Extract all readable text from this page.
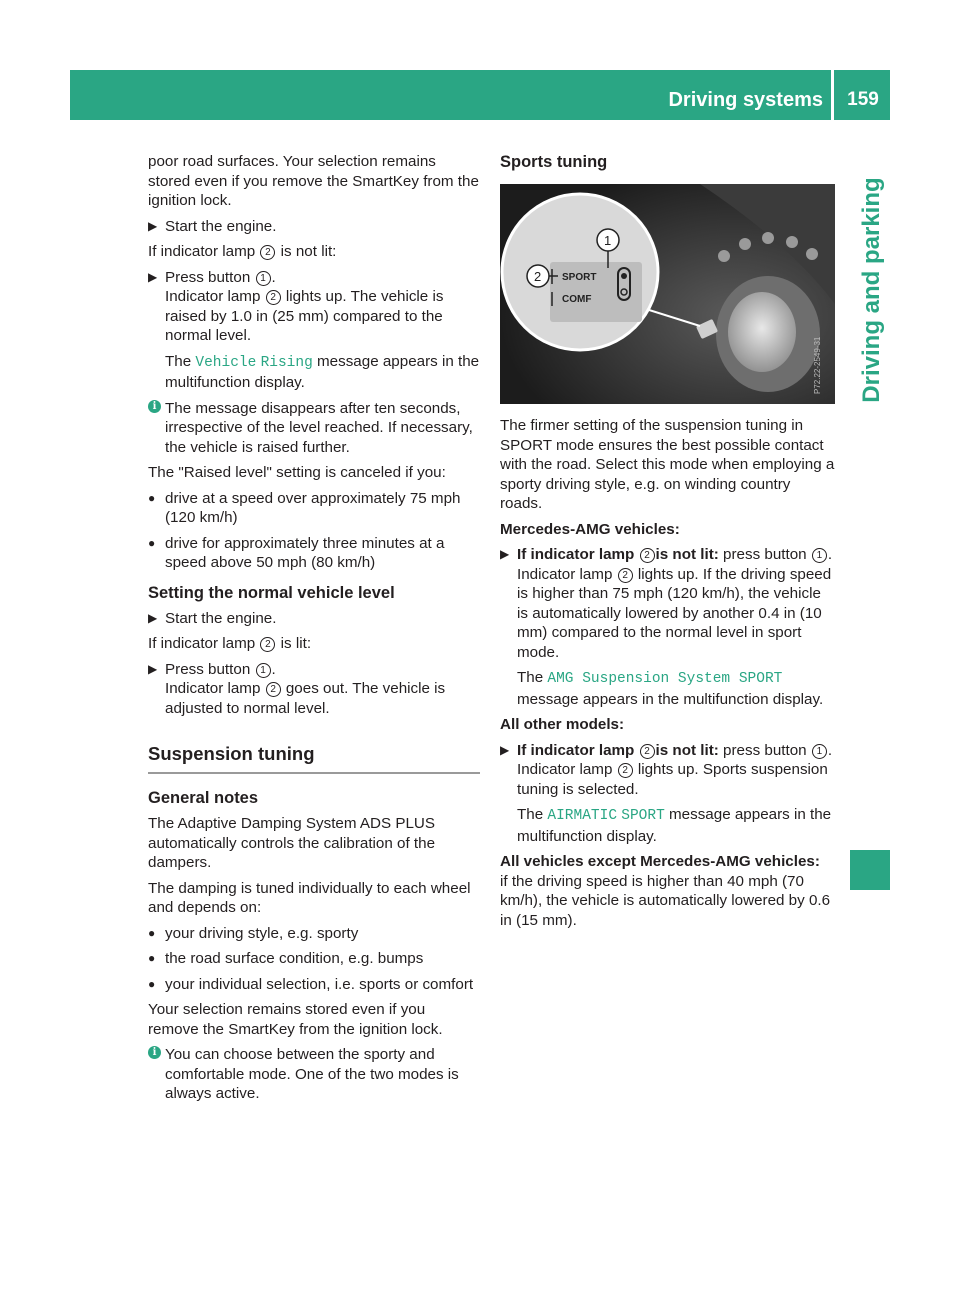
Driving systems	159
Driving and parking

poor road surfaces. Your selection remains stored even if you remove the SmartKey from the ignition lock.

▶ Start the engine.

If indicator lamp 2 is not lit:

▶ Press button 1 .
Indicator lamp 2 lights up. The vehicle is raised by 1.0 in (25 mm) compared to the normal level.
The Vehicle Rising message appears in the multifunction display.
i The message disappears after ten seconds, irrespective of the level reached. If necessary, the vehicle is raised further.

The "Raised level" setting is canceled if you:

● drive at a speed over approximately 75 mph (120 km/h)
● drive for approximately three minutes at a speed above 50 mph (80 km/h)
Setting the normal vehicle level
▶ Start the engine.

If indicator lamp 2 is lit:

▶ Press button 1 .
Indicator lamp 2 goes out. The vehicle is adjusted to normal level.
Suspension tuning
General notes

The Adaptive Damping System ADS PLUS automatically controls the calibration of the dampers.

The damping is tuned individually to each wheel and depends on:

● your driving style, e.g. sporty
● the road surface condition, e.g. bumps
● your individual selection, i.e. sports or comfort

Your selection remains stored even if you remove the SmartKey from the ignition lock.

i You can choose between the sporty and comfortable mode. One of the two modes is always active.
Sports tuning
SPORT
COMF
1
2
P72.22-2549-31

The firmer setting of the suspension tuning in SPORT mode ensures the best possible contact with the road. Select this mode when employing a sporty driving style, e.g. on winding country roads.

Mercedes-AMG vehicles:

▶ If indicator lamp 2 is not lit: press button 1 .
Indicator lamp 2 lights up. If the driving speed is higher than 75 mph (120 km/h), the vehicle is automatically lowered by another 0.4 in (10 mm) compared to the normal level in sport mode.
The AMG Suspension System SPORT message appears in the multifunction display.

All other models:

▶ If indicator lamp 2 is not lit: press button 1 .
Indicator lamp 2 lights up. Sports suspension tuning is selected.
The AIRMATIC SPORT message appears in the multifunction display.

All vehicles except Mercedes-AMG vehicles:

if the driving speed is higher than 40 mph (70 km/h), the vehicle is automatically lowered by 0.6 in (15 mm).
